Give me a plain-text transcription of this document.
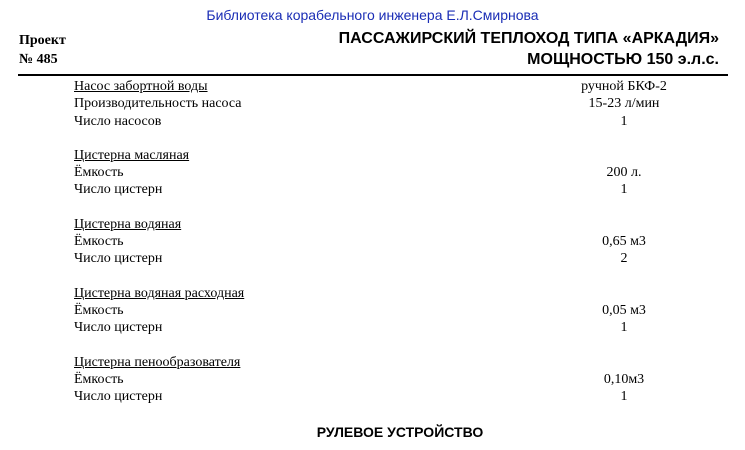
Библиотека корабельного инженера Е.Л.Смирнова
Проект
№ 485
ПАССАЖИРСКИЙ ТЕПЛОХОД ТИПА «АРКАДИЯ»
МОЩНОСТЬЮ 150 э.л.с.
Насос забортной воды	ручной БКФ-2
Производительность насоса	15-23 л/мин
Число насосов	1
Цистерна масляная
Ёмкость	200 л.
Число цистерн	1
Цистерна водяная
Ёмкость	0,65 м3
Число цистерн	2
Цистерна водяная расходная
Ёмкость	0,05 м3
Число цистерн	1
Цистерна пенообразователя
Ёмкость	0,10м3
Число цистерн	1
РУЛЕВОЕ УСТРОЙСТВО
